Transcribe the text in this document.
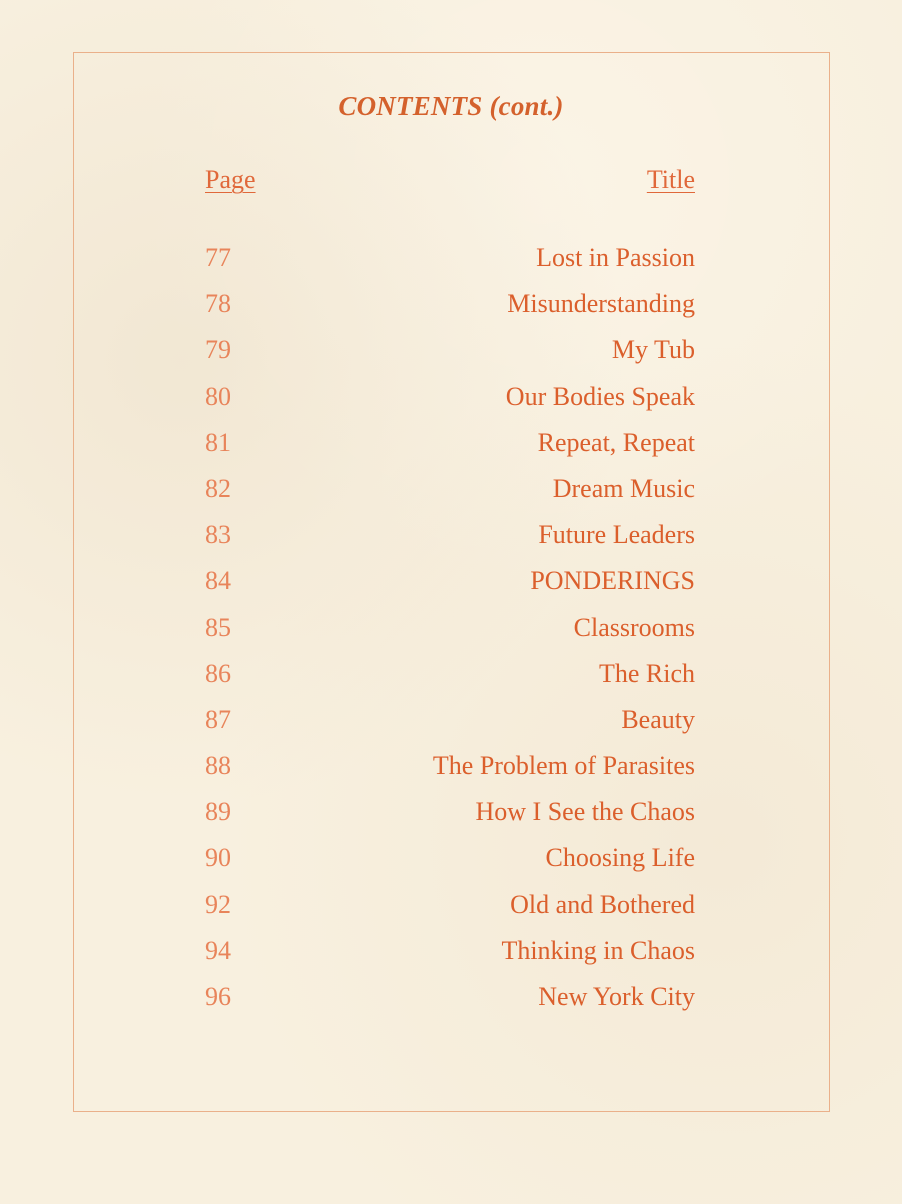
CONTENTS (cont.)
Page	Title
77	Lost in Passion
78	Misunderstanding
79	My Tub
80	Our Bodies Speak
81	Repeat, Repeat
82	Dream Music
83	Future Leaders
84	PONDERINGS
85	Classrooms
86	The Rich
87	Beauty
88	The Problem of Parasites
89	How I See the Chaos
90	Choosing Life
92	Old and Bothered
94	Thinking in Chaos
96	New York City
